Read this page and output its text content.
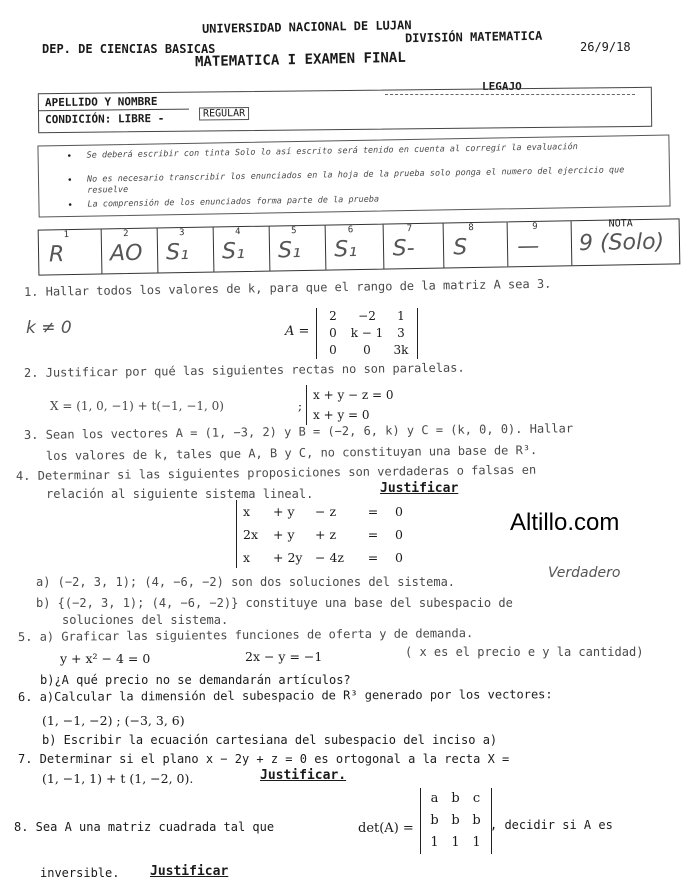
UNIVERSIDAD NACIONAL DE LUJAN
DIVISIÓN MATEMATICA
DEP. DE CIENCIAS BASICAS	26/9/18
MATEMATICA I EXAMEN FINAL
LEGAJO
APELLIDO Y NOMBRE
CONDICIÓN: LIBRE -	REGULAR
• Se deberá escribir con tinta Solo lo así escrito será tenido en cuenta al corregir la evaluación
• No es necesario transcribir los enunciados en la hoja de la prueba solo ponga el numero del ejercicio que resuelve
• La comprensión de los enunciados forma parte de la prueba
1
R
2
AO
3
S₁
4
S₁
5
S₁
6
S₁
7
S-
8
S
9
—
NOTA
9 (Solo)
Altillo.com
1. Hallar todos los valores de k, para que el rango de la matriz A sea 3.
k ≠ 0	A =
2	−2	1
0	k − 1	3
0	0	3k
2. Justificar por qué las siguientes rectas no son paralelas.
X = (1, 0, −1) + t(−1, −1, 0)	;
x + y − z = 0
x + y = 0
3. Sean los vectores A = (1, −3, 2) y B = (−2, 6, k) y C = (k, 0, 0). Hallar
los valores de k, tales que A, B y C, no constituyan una base de R³.
4. Determinar si las siguientes proposiciones son verdaderas o falsas en
relación al siguiente sistema lineal.	Justificar
x	+ y	− z	=	0
2x	+ y	+ z	=	0
x	+ 2y	− 4z	=	0
a) (−2, 3, 1); (4, −6, −2) son dos soluciones del sistema.
Verdadero
b) {(−2, 3, 1); (4, −6, −2)} constituye una base del subespacio de
soluciones del sistema.
5. a) Graficar las siguientes funciones de oferta y de demanda.
y + x² − 4 = 0	2x − y = −1	( x es el precio e y la cantidad)
b)¿A qué precio no se demandarán artículos?
6. a)Calcular la dimensión del subespacio de R³ generado por los vectores:
(1, −1, −2) ; (−3, 3, 6)
b) Escribir la ecuación cartesiana del subespacio del inciso a)
7. Determinar si el plano x − 2y + z = 0 es ortogonal a la recta X =
(1, −1, 1) + t (1, −2, 0).	Justificar.
8. Sea A una matriz cuadrada tal que	det(A) =
a b	c
b b b
1 1 1
, decidir si A es
inversible. Justificar
